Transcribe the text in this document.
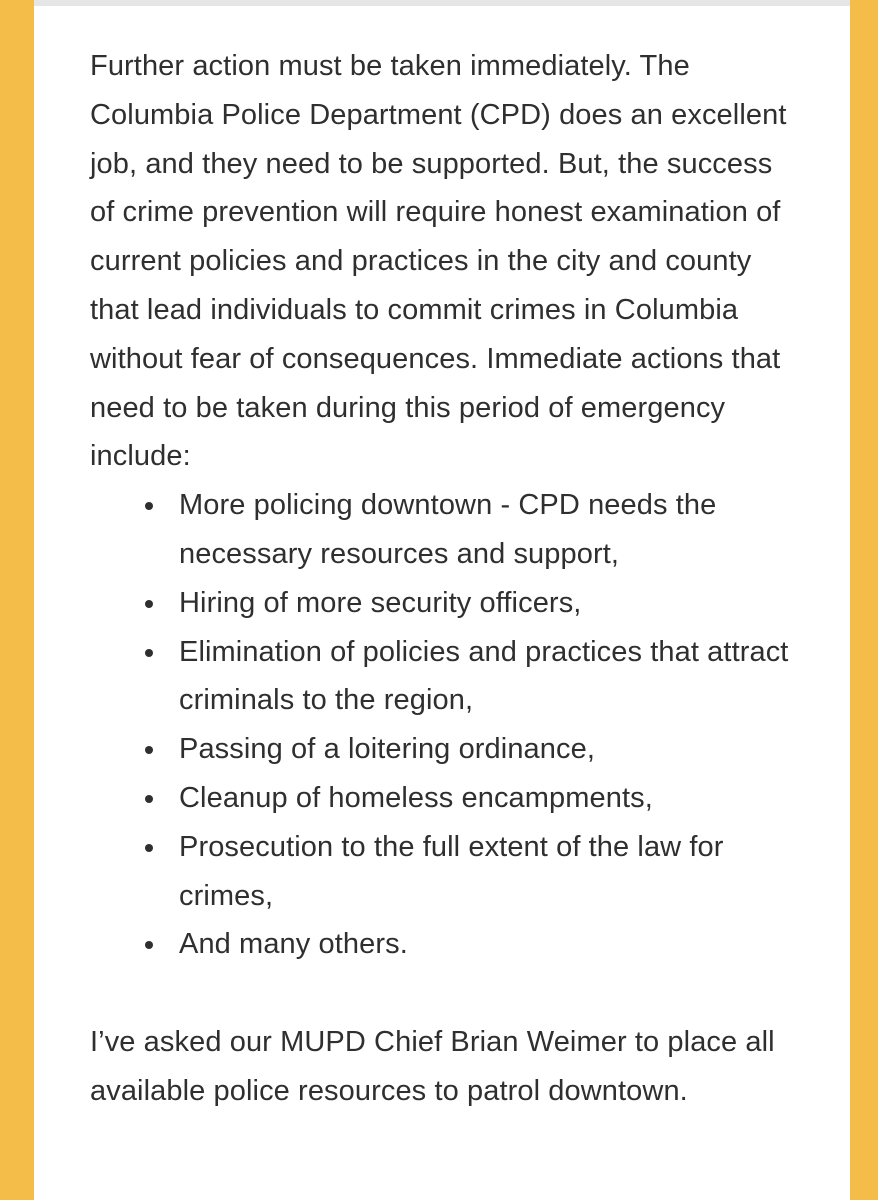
Further action must be taken immediately. The Columbia Police Department (CPD) does an excellent job, and they need to be supported. But, the success of crime prevention will require honest examination of current policies and practices in the city and county that lead individuals to commit crimes in Columbia without fear of consequences. Immediate actions that need to be taken during this period of emergency include:

More policing downtown - CPD needs the necessary resources and support,
Hiring of more security officers,
Elimination of policies and practices that attract criminals to the region,
Passing of a loitering ordinance,
Cleanup of homeless encampments,
Prosecution to the full extent of the law for crimes,
And many others.

I’ve asked our MUPD Chief Brian Weimer to place all available police resources to patrol downtown.
